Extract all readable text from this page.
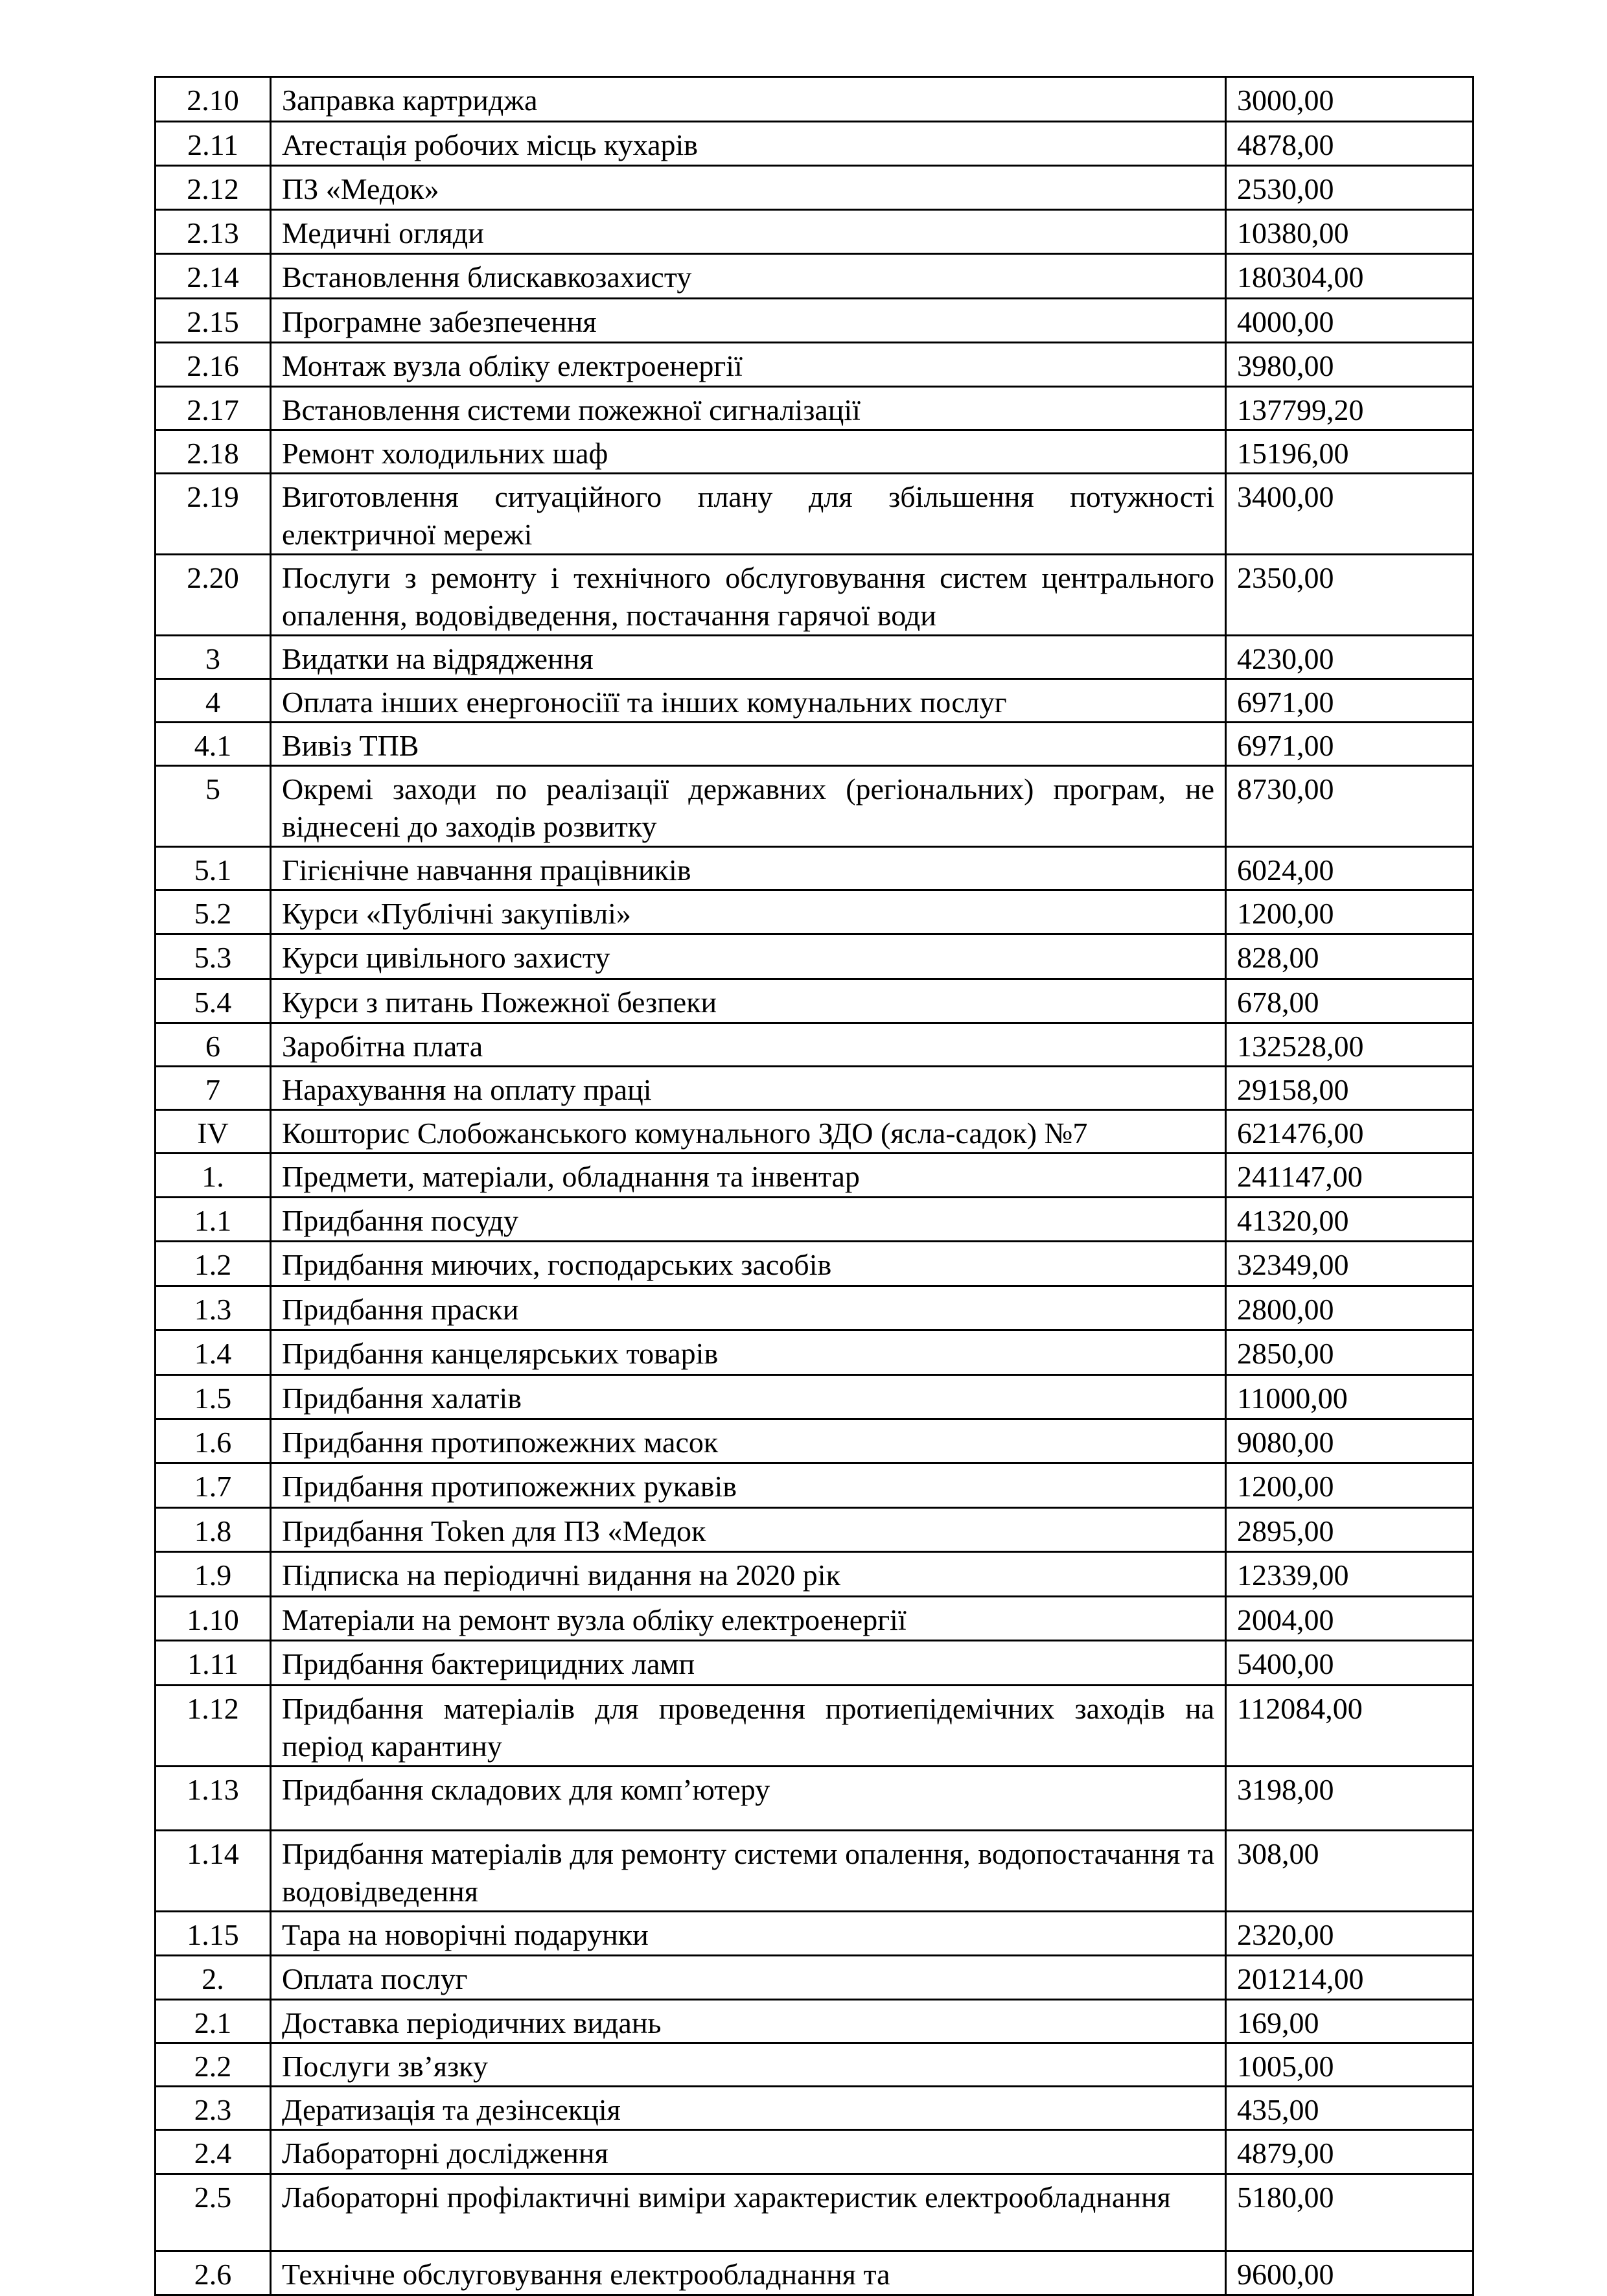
2.10	Заправка картриджа	3000,00
2.11	Атестація робочих місць кухарів	4878,00
2.12	ПЗ «Медок»	2530,00
2.13	Медичні огляди	10380,00
2.14	Встановлення блискавкозахисту	180304,00
2.15	Програмне забезпечення	4000,00
2.16	Монтаж вузла обліку електроенергії	3980,00
2.17	Встановлення системи пожежної сигналізації	137799,20
2.18	Ремонт холодильних шаф	15196,00
2.19	Виготовлення ситуаційного плану для збільшення потужності електричної мережі	3400,00
2.20	Послуги з ремонту і технічного обслуговування систем центрального опалення, водовідведення, постачання гарячої води	2350,00
3	Видатки на відрядження	4230,00
4	Оплата інших енергоносіїї та інших комунальних послуг	6971,00
4.1	Вивіз ТПВ	6971,00
5	Окремі заходи по реалізації державних (регіональних) програм, не віднесені до заходів розвитку	8730,00
5.1	Гігієнічне навчання працівників	6024,00
5.2	Курси «Публічні закупівлі»	1200,00
5.3	Курси цивільного захисту	828,00
5.4	Курси з питань Пожежної безпеки	678,00
6	Заробітна плата	132528,00
7	Нарахування на оплату праці	29158,00
IV	Кошторис Слобожанського комунального ЗДО (ясла-садок) №7	621476,00
1.	Предмети, матеріали, обладнання та інвентар	241147,00
1.1	Придбання посуду	41320,00
1.2	Придбання миючих, господарських засобів	32349,00
1.3	Придбання праски	2800,00
1.4	Придбання канцелярських товарів	2850,00
1.5	Придбання халатів	11000,00
1.6	Придбання протипожежних масок	9080,00
1.7	Придбання протипожежних рукавів	1200,00
1.8	Придбання Token для ПЗ «Медок	2895,00
1.9	Підписка на періодичні видання на 2020 рік	12339,00
1.10	Матеріали на ремонт вузла обліку електроенергії	2004,00
1.11	Придбання бактерицидних ламп	5400,00
1.12	Придбання матеріалів для проведення протиепідемічних заходів на період карантину	112084,00
1.13	Придбання складових для комп’ютеру	3198,00
1.14	Придбання матеріалів для ремонту системи опалення, водопостачання та водовідведення	308,00
1.15	Тара на новорічні подарунки	2320,00
2.	Оплата послуг	201214,00
2.1	Доставка періодичних видань	169,00
2.2	Послуги зв’язку	1005,00
2.3	Дератизація та дезінсекція	435,00
2.4	Лабораторні дослідження	4879,00
2.5	Лабораторні профілактичні виміри характеристик електрообладнання	5180,00
2.6	Технічне обслуговування електрообладнання та	9600,00
